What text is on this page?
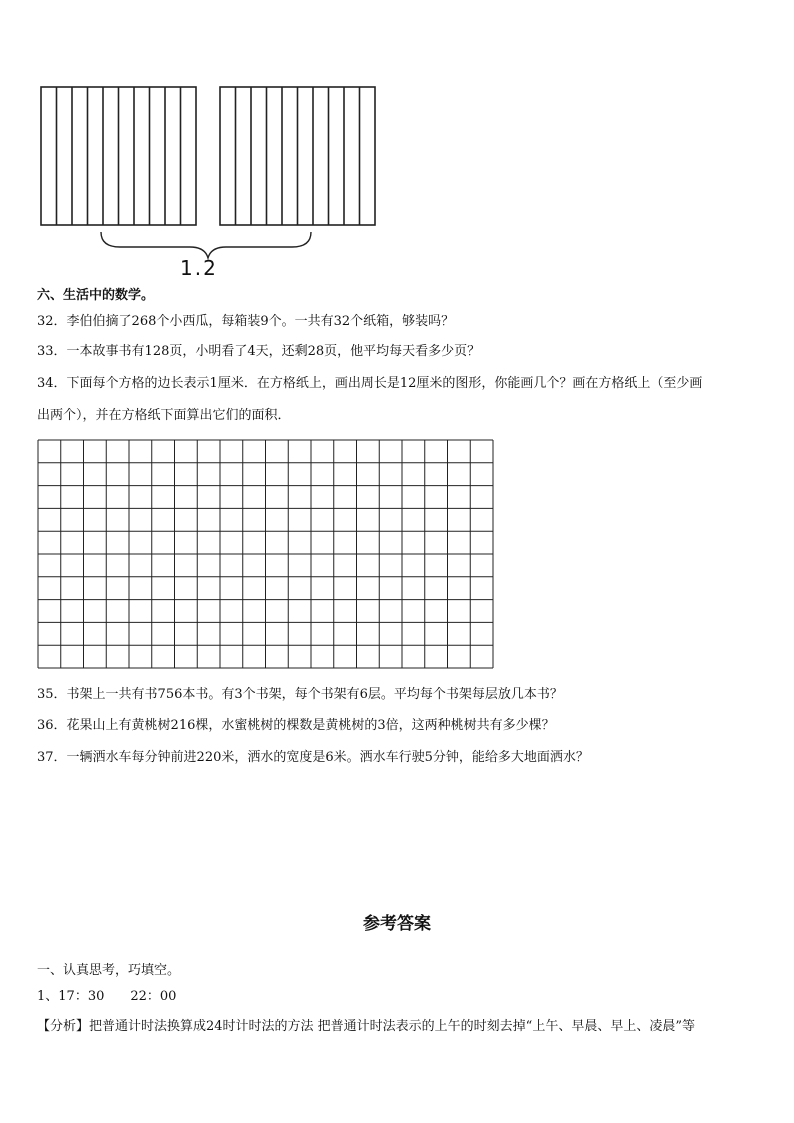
1.2
六、生活中的数学。
32．李伯伯摘了268个小西瓜，每箱装9个。一共有32个纸箱，够装吗？
33．一本故事书有128页，小明看了4天，还剩28页，他平均每天看多少页？
34．下面每个方格的边长表示1厘米．在方格纸上，画出周长是12厘米的图形，你能画几个？画在方格纸上（至少画
出两个），并在方格纸下面算出它们的面积．
35．书架上一共有书756本书。有3个书架，每个书架有6层。平均每个书架每层放几本书？
36．花果山上有黄桃树216棵，水蜜桃树的棵数是黄桃树的3倍，这两种桃树共有多少棵？
37．一辆洒水车每分钟前进220米，洒水的宽度是6米。洒水车行驶5分钟，能给多大地面洒水？
参考答案
一、认真思考，巧填空。
1、17：30　　22：00
【分析】把普通计时法换算成24时计时法的方法 把普通计时法表示的上午的时刻去掉“上午、早晨、早上、凌晨”等
